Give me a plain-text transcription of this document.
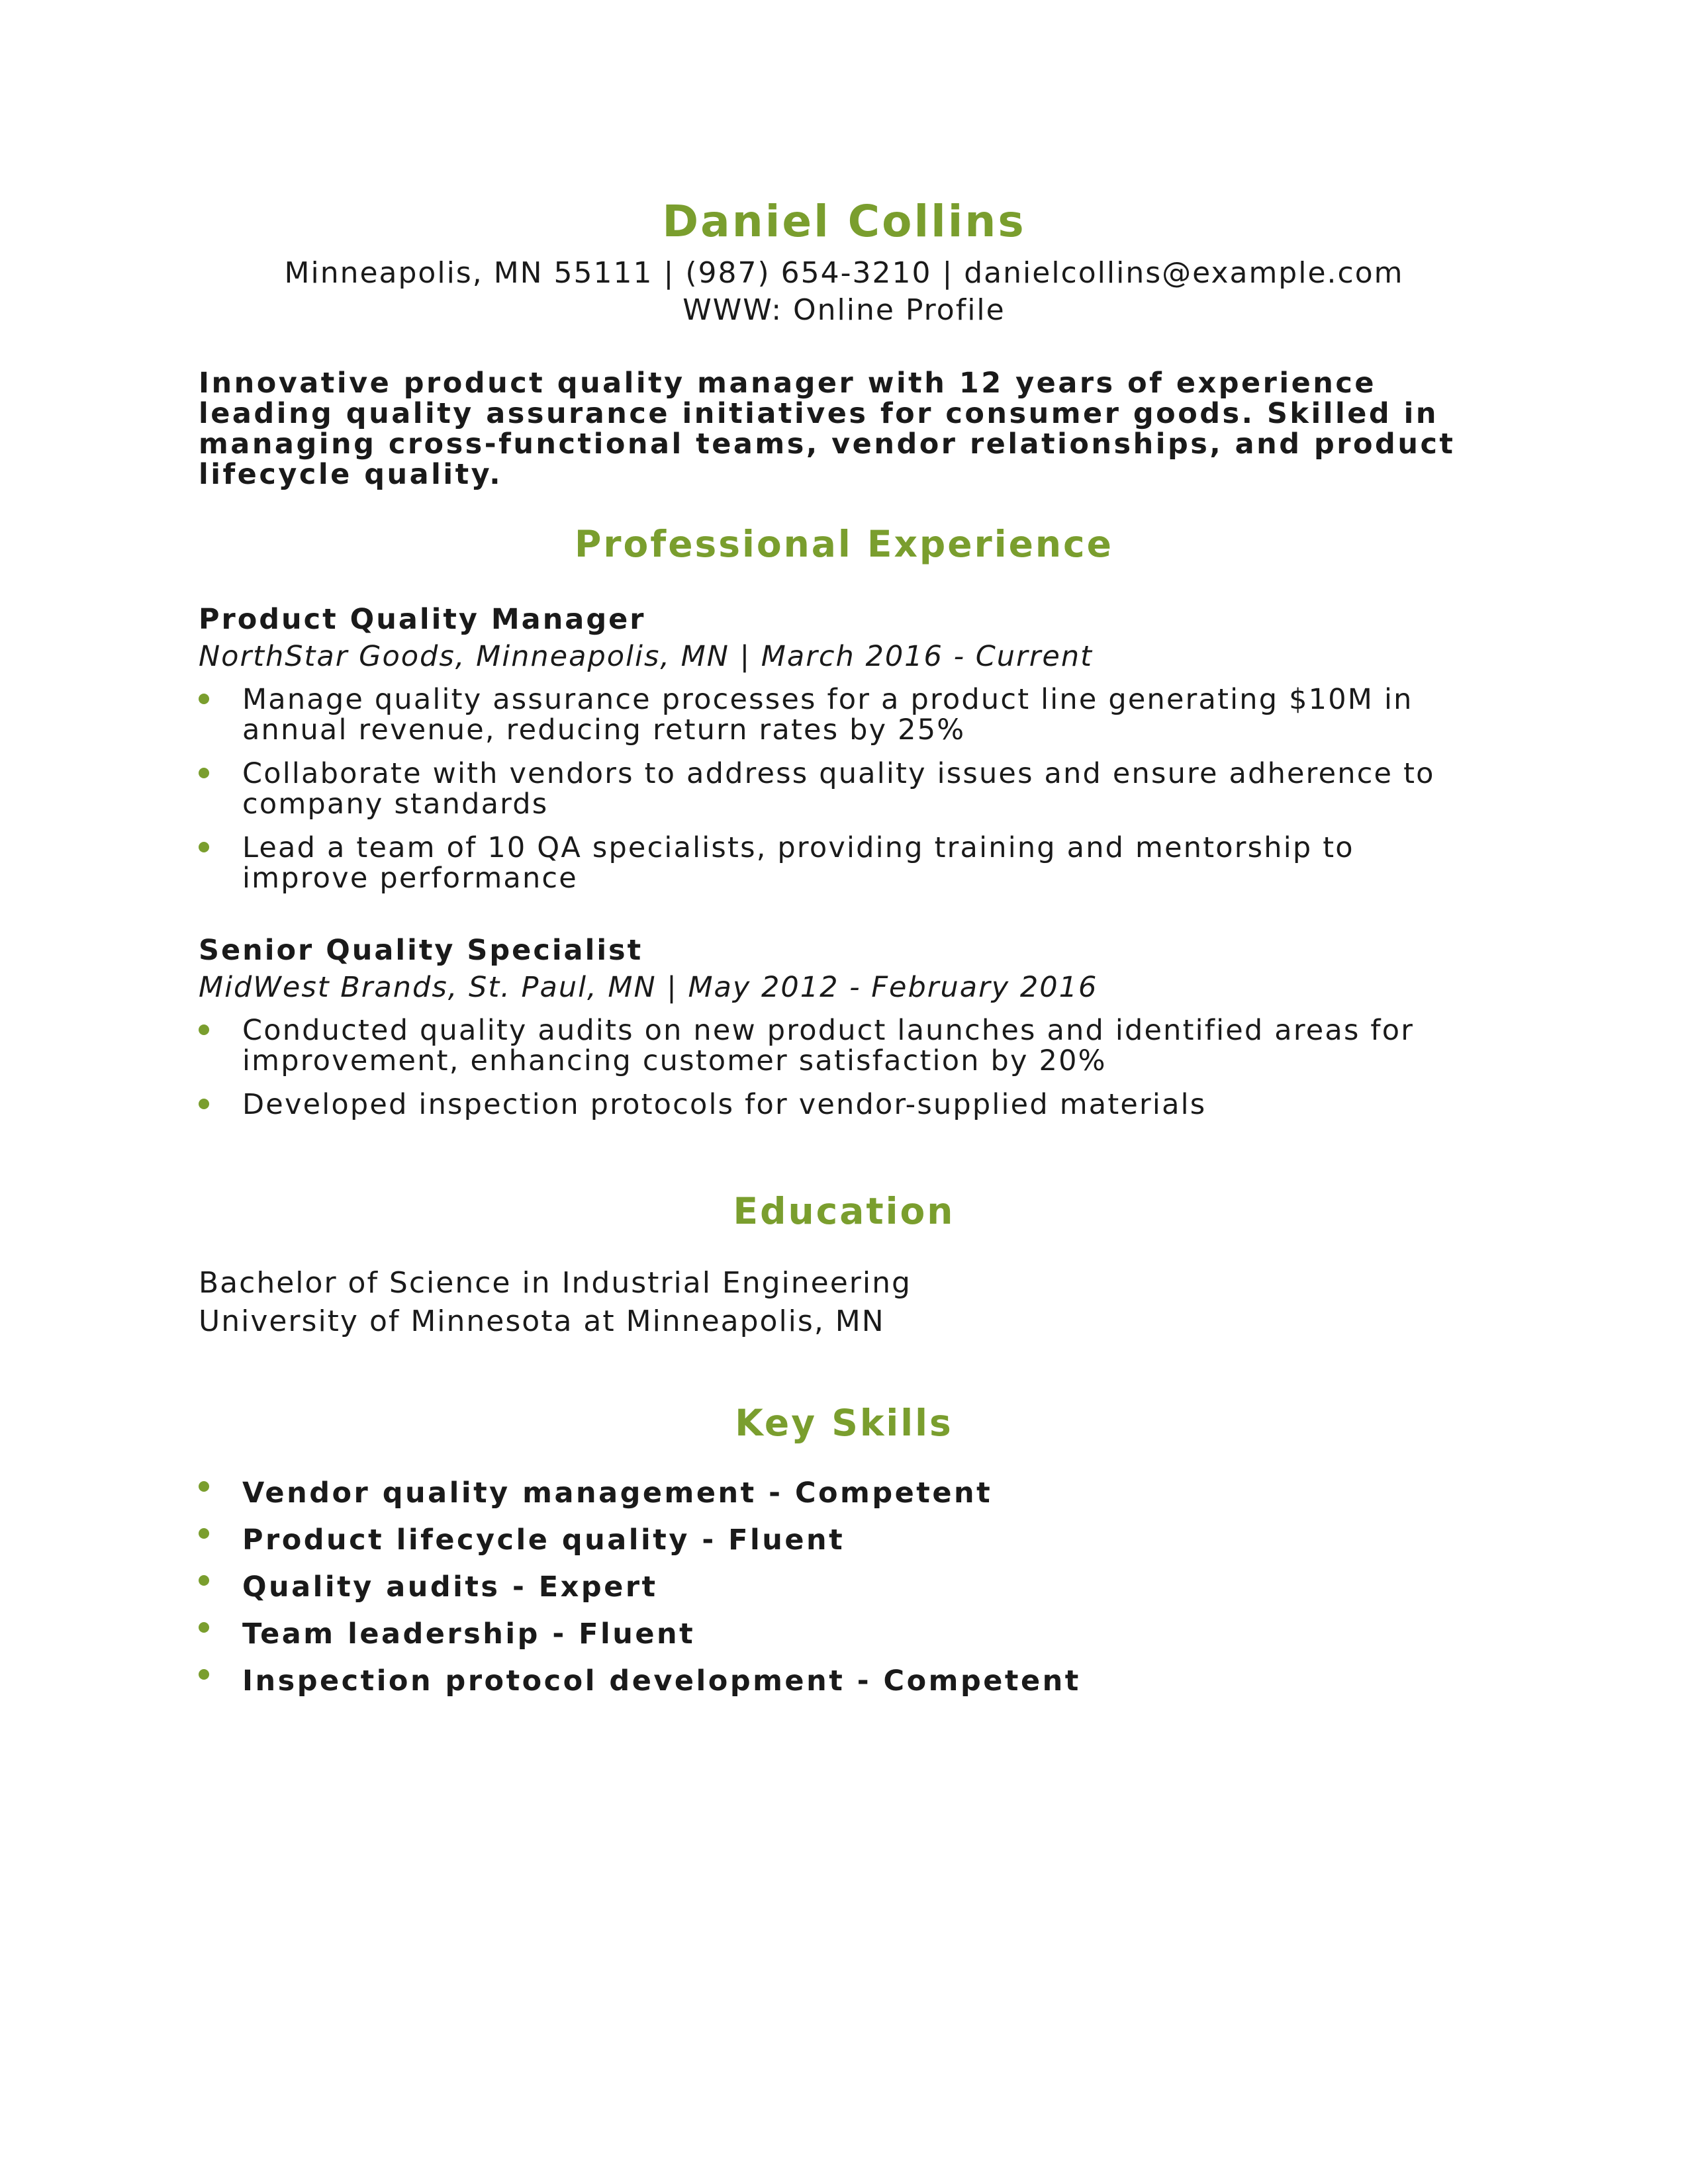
Daniel Collins

Minneapolis, MN 55111 | (987) 654-3210 | danielcollins@example.com

WWW: Online Profile

Innovative product quality manager with 12 years of experience leading quality assurance initiatives for consumer goods. Skilled in managing cross-functional teams, vendor relationships, and product lifecycle quality.

Professional Experience

Product Quality Manager

NorthStar Goods, Minneapolis, MN | March 2016 - Current

Manage quality assurance processes for a product line generating $10M in annual revenue, reducing return rates by 25%
Collaborate with vendors to address quality issues and ensure adherence to company standards
Lead a team of 10 QA specialists, providing training and mentorship to improve performance

Senior Quality Specialist

MidWest Brands, St. Paul, MN | May 2012 - February 2016

Conducted quality audits on new product launches and identified areas for improvement, enhancing customer satisfaction by 20%
Developed inspection protocols for vendor-supplied materials
Education

Bachelor of Science in Industrial Engineering

University of Minnesota at Minneapolis, MN

Key Skills
Vendor quality management - Competent
Product lifecycle quality - Fluent
Quality audits - Expert
Team leadership - Fluent
Inspection protocol development - Competent
